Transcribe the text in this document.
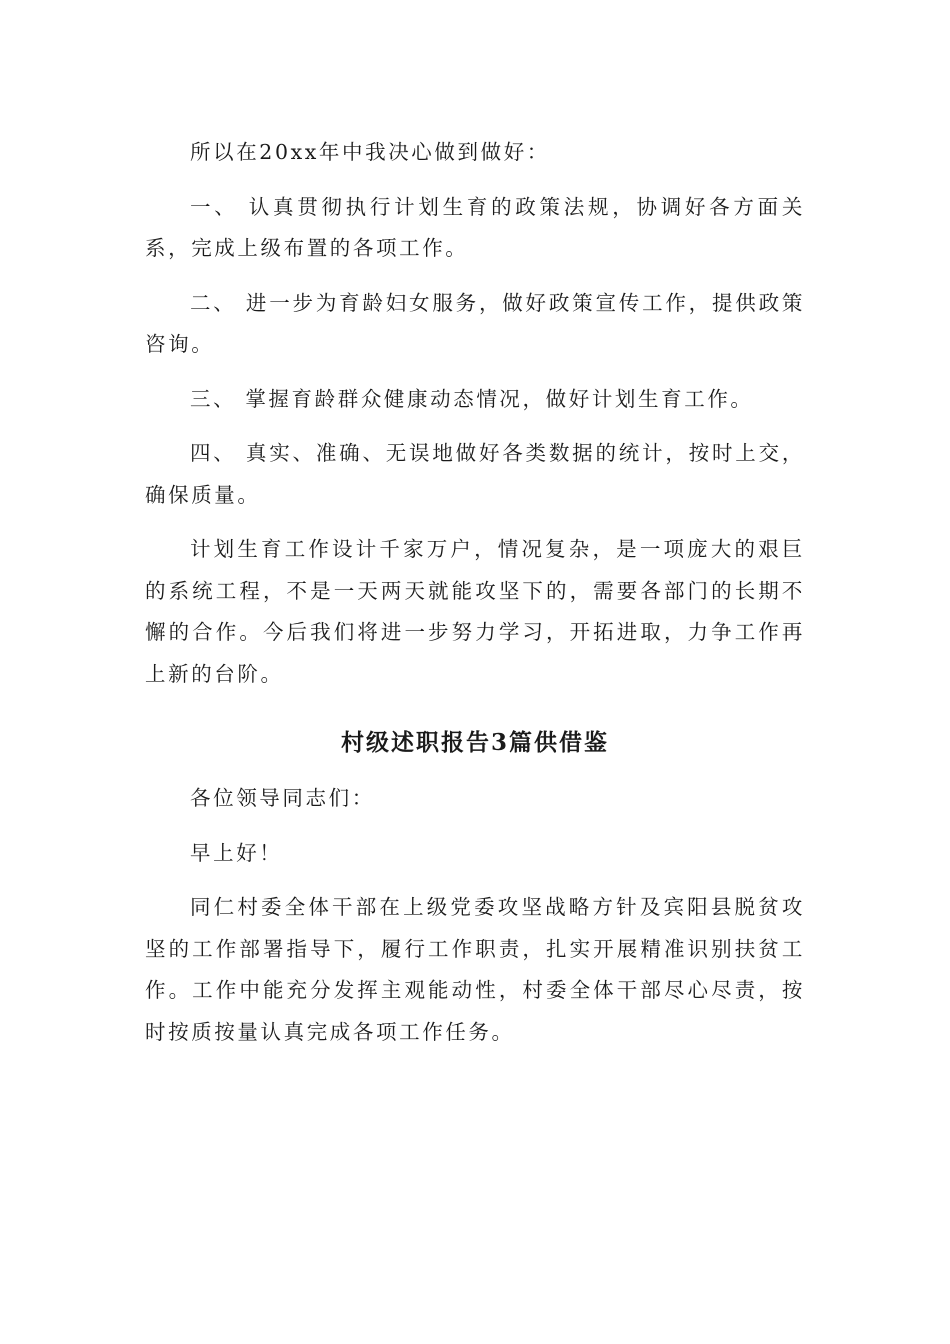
所以在20xx年中我决心做到做好：

一、 认真贯彻执行计划生育的政策法规，协调好各方面关系，完成上级布置的各项工作。

二、 进一步为育龄妇女服务，做好政策宣传工作，提供政策咨询。

三、 掌握育龄群众健康动态情况，做好计划生育工作。

四、 真实、准确、无误地做好各类数据的统计，按时上交，确保质量。

计划生育工作设计千家万户，情况复杂，是一项庞大的艰巨的系统工程，不是一天两天就能攻坚下的，需要各部门的长期不懈的合作。今后我们将进一步努力学习，开拓进取，力争工作再上新的台阶。

村级述职报告3篇供借鉴

各位领导同志们：

早上好！

同仁村委全体干部在上级党委攻坚战略方针及宾阳县脱贫攻坚的工作部署指导下，履行工作职责，扎实开展精准识别扶贫工作。工作中能充分发挥主观能动性，村委全体干部尽心尽责，按时按质按量认真完成各项工作任务。
